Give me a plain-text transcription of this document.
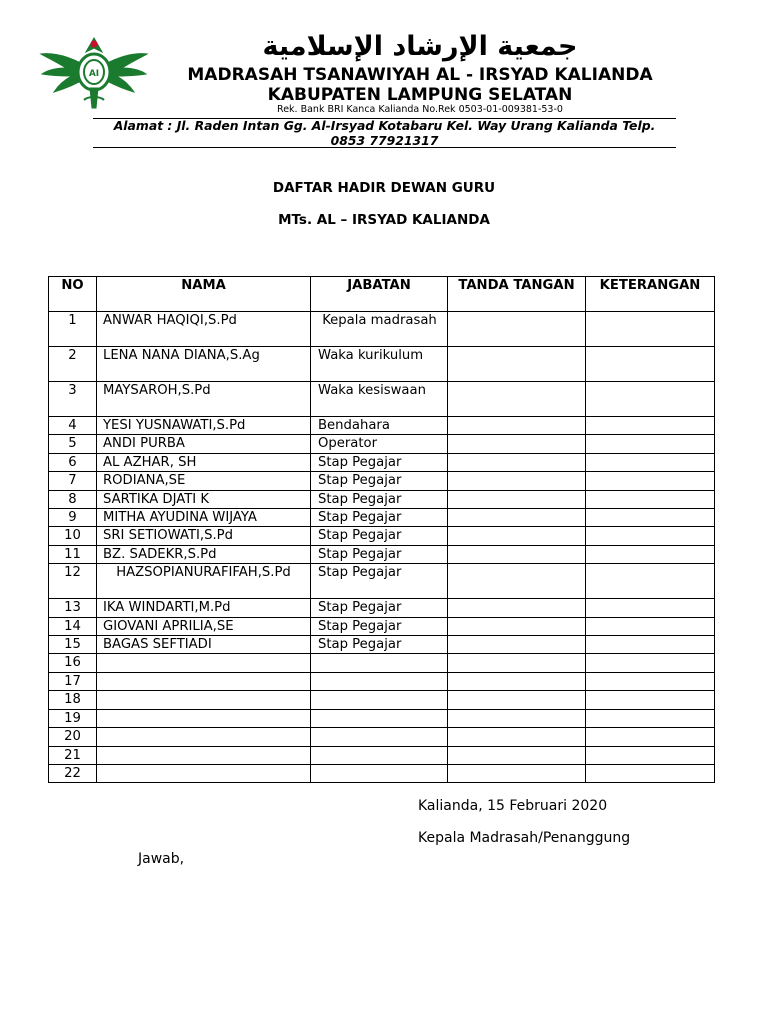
AI
جمعية الإرشاد الإسلامية
MADRASAH TSANAWIYAH AL - IRSYAD KALIANDA
KABUPATEN LAMPUNG SELATAN
Rek. Bank BRI Kanca Kalianda No.Rek 0503-01-009381-53-0
Alamat : Jl. Raden Intan Gg. Al-Irsyad Kotabaru Kel. Way Urang Kalianda Telp.
0853 77921317
DAFTAR HADIR DEWAN GURU
MTs. AL – IRSYAD KALIANDA
NO	NAMA	JABATAN	TANDA TANGAN	KETERANGAN
1	ANWAR HAQIQI,S.Pd	Kepala madrasah		
2	LENA NANA DIANA,S.Ag	Waka kurikulum		
3	MAYSAROH,S.Pd	Waka kesiswaan		
4	YESI YUSNAWATI,S.Pd	Bendahara		
5	ANDI PURBA	Operator		
6	AL AZHAR, SH	Stap Pegajar		
7	RODIANA,SE	Stap Pegajar		
8	SARTIKA DJATI K	Stap Pegajar		
9	MITHA AYUDINA WIJAYA	Stap Pegajar		
10	SRI SETIOWATI,S.Pd	Stap Pegajar		
11	BZ. SADEKR,S.Pd	Stap Pegajar		
12	HAZSOPIANURAFIFAH,S.Pd	Stap Pegajar		
13	IKA WINDARTI,M.Pd	Stap Pegajar		
14	GIOVANI APRILIA,SE	Stap Pegajar		
15	BAGAS SEFTIADI	Stap Pegajar		
16				
17				
18				
19				
20				
21				
22				
Kalianda, 15 Februari 2020
Kepala Madrasah/Penanggung
Jawab,
